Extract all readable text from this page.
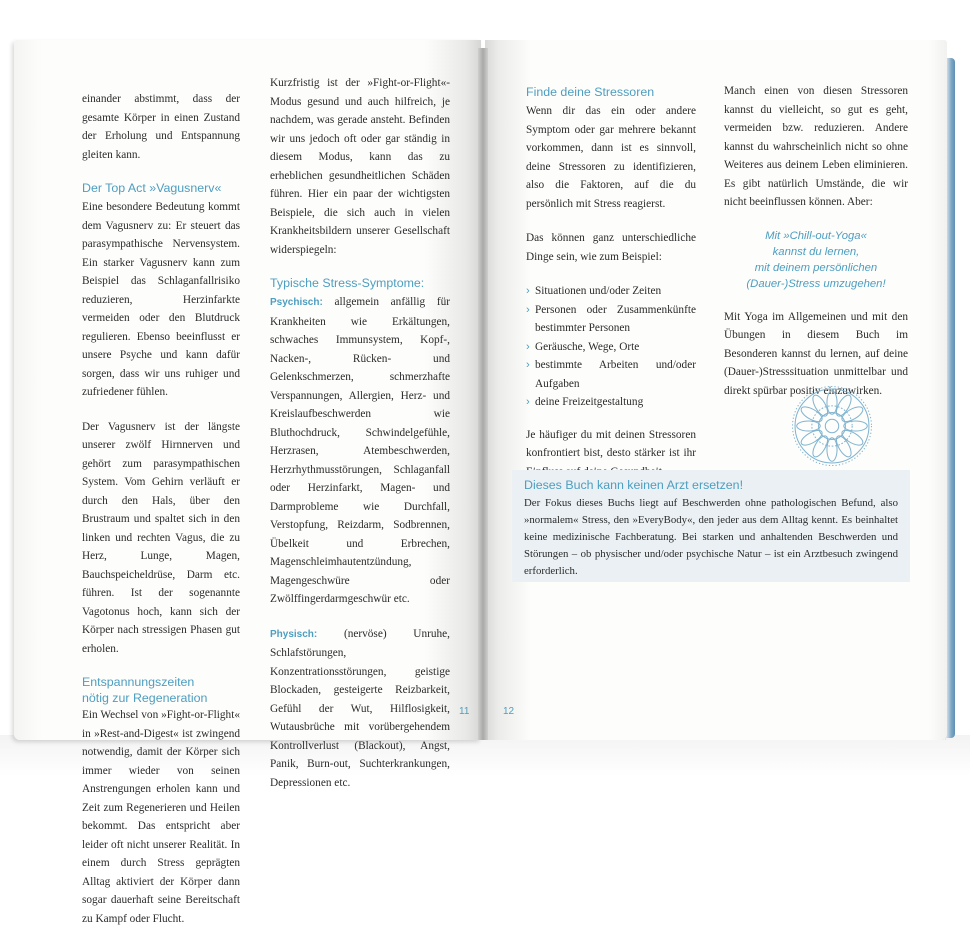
einander abstimmt, dass der gesamte Körper in einen Zustand der Erholung und Entspannung gleiten kann.

Der Top Act »Vagusnerv«

Eine besondere Bedeutung kommt dem Vagusnerv zu: Er steuert das parasympathische Nervensystem. Ein starker Vagusnerv kann zum Beispiel das Schlaganfallrisiko reduzieren, Herzinfarkte vermeiden oder den Blutdruck regulieren. Ebenso beeinflusst er unsere Psyche und kann dafür sorgen, dass wir uns ruhiger und zufriedener fühlen.

Der Vagusnerv ist der längste unserer zwölf Hirnnerven und gehört zum parasympathischen System. Vom Gehirn verläuft er durch den Hals, über den Brustraum und spaltet sich in den linken und rechten Vagus, die zu Herz, Lunge, Magen, Bauchspeicheldrüse, Darm etc. führen. Ist der sogenannte Vagotonus hoch, kann sich der Körper nach stressigen Phasen gut erholen.

Entspannungszeiten
nötig zur Regeneration

Ein Wechsel von »Fight-or-Flight« in »Rest-and-Digest« ist zwingend notwendig, damit der Körper sich immer wieder von seinen Anstrengungen erholen kann und Zeit zum Regenerieren und Heilen bekommt. Das entspricht aber leider oft nicht unserer Realität. In einem durch Stress geprägten Alltag aktiviert der Körper dann sogar dauerhaft seine Bereitschaft zu Kampf oder Flucht.

Kurzfristig ist der »Fight-or-Flight«-Modus gesund und auch hilfreich, je nachdem, was gerade ansteht. Befinden wir uns jedoch oft oder gar ständig in diesem Modus, kann das zu erheblichen gesundheitlichen Schäden führen. Hier ein paar der wichtigsten Beispiele, die sich auch in vielen Krankheitsbildern unserer Gesellschaft widerspiegeln:

Typische Stress-Symptome:

Psychisch: allgemein anfällig für Krankheiten wie Erkältungen, schwaches Immunsystem, Kopf-, Nacken-, Rücken- und Gelenkschmerzen, schmerzhafte Verspannungen, Allergien, Herz- und Kreislaufbeschwerden wie Bluthochdruck, Schwindelgefühle, Herzrasen, Atembeschwerden, Herzrhythmusstörungen, Schlaganfall oder Herzinfarkt, Magen- und Darmprobleme wie Durchfall, Verstopfung, Reizdarm, Sodbrennen, Übelkeit und Erbrechen, Magenschleimhautentzündung, Magengeschwüre oder Zwölffingerdarmgeschwür etc.

Physisch: (nervöse) Unruhe, Schlafstörungen, Konzentrationsstörungen, geistige Blockaden, gesteigerte Reizbarkeit, Gefühl der Wut, Hilflosigkeit, Wutausbrüche mit vorübergehendem Kontrollverlust (Blackout), Angst, Panik, Burn-out, Suchterkrankungen, Depressionen etc.

11
Finde deine Stressoren

Wenn dir das ein oder andere Symptom oder gar mehrere bekannt vorkommen, dann ist es sinnvoll, deine Stressoren zu identifizieren, also die Faktoren, auf die du persönlich mit Stress reagierst.

Das können ganz unterschiedliche Dinge sein, wie zum Beispiel:

› Situationen und/oder Zeiten
› Personen oder Zusammenkünfte bestimmter Personen
› Geräusche, Wege, Orte
› bestimmte Arbeiten und/oder Aufgaben
› deine Freizeitgestaltung

Je häufiger du mit deinen Stressoren konfrontiert bist, desto stärker ist ihr

Manch einen von diesen Stressoren kannst du vielleicht, so gut es geht, vermeiden bzw. reduzieren. Andere kannst du wahrscheinlich nicht so ohne Weiteres aus deinem Leben eliminieren. Es gibt natürlich Umstände, die wir nicht beeinflussen können. Aber:

Mit »Chill-out-Yoga«
kannst du lernen,
mit deinem persönlichen
(Dauer-)Stress umzugehen!

Mit Yoga im Allgemeinen und mit den Übungen in diesem Buch im Besonderen kannst du lernen, auf deine (Dauer-)Stresssituation unmittelbar und direkt spürbar positiv einzuwirken.

Dieses Buch kann keinen Arzt ersetzen!
Der Fokus dieses Buchs liegt auf Beschwerden ohne pathologischen Befund, also »normalem« Stress, den »EveryBody«, den jeder aus dem Alltag kennt. Es beinhaltet keine medizinische Fachberatung. Bei starken und anhaltenden Beschwerden und Störungen – ob physischer und/oder psychische Natur – ist ein Arztbesuch zwingend erforderlich.
12
